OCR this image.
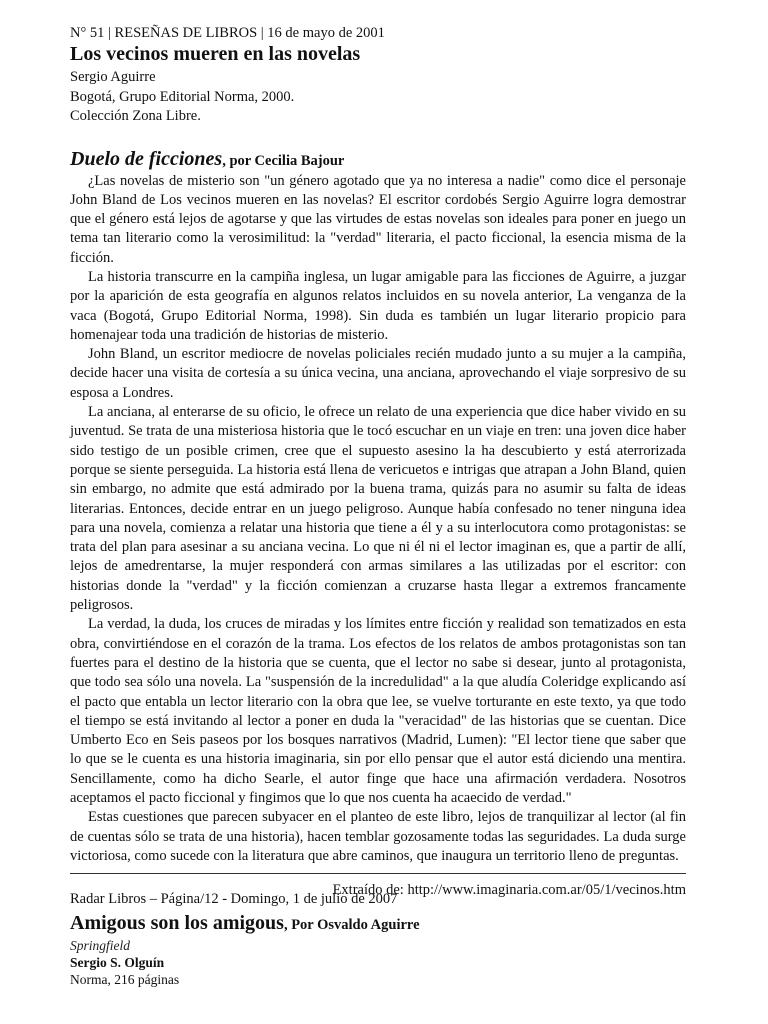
N° 51 | RESEÑAS DE LIBROS | 16 de mayo de 2001

Los vecinos mueren en las novelas

Sergio Aguirre

Bogotá, Grupo Editorial Norma, 2000.

Colección Zona Libre.

Duelo de ficciones, por Cecilia Bajour

¿Las novelas de misterio son "un género agotado que ya no interesa a nadie" como dice el personaje John Bland de Los vecinos mueren en las novelas? El escritor cordobés Sergio Aguirre logra demostrar que el género está lejos de agotarse y que las virtudes de estas novelas son ideales para poner en juego un tema tan literario como la verosimilitud: la "verdad" literaria, el pacto ficcional, la esencia misma de la ficción.

La historia transcurre en la campiña inglesa, un lugar amigable para las ficciones de Aguirre, a juzgar por la aparición de esta geografía en algunos relatos incluidos en su novela anterior, La venganza de la vaca (Bogotá, Grupo Editorial Norma, 1998). Sin duda es también un lugar literario propicio para homenajear toda una tradición de historias de misterio.

John Bland, un escritor mediocre de novelas policiales recién mudado junto a su mujer a la campiña, decide hacer una visita de cortesía a su única vecina, una anciana, aprovechando el viaje sorpresivo de su esposa a Londres.

La anciana, al enterarse de su oficio, le ofrece un relato de una experiencia que dice haber vivido en su juventud. Se trata de una misteriosa historia que le tocó escuchar en un viaje en tren: una joven dice haber sido testigo de un posible crimen, cree que el supuesto asesino la ha descubierto y está aterrorizada porque se siente perseguida. La historia está llena de vericuetos e intrigas que atrapan a John Bland, quien sin embargo, no admite que está admirado por la buena trama, quizás para no asumir su falta de ideas literarias. Entonces, decide entrar en un juego peligroso. Aunque había confesado no tener ninguna idea para una novela, comienza a relatar una historia que tiene a él y a su interlocutora como protagonistas: se trata del plan para asesinar a su anciana vecina. Lo que ni él ni el lector imaginan es, que a partir de allí, lejos de amedrentarse, la mujer responderá con armas similares a las utilizadas por el escritor: con historias donde la "verdad" y la ficción comienzan a cruzarse hasta llegar a extremos francamente peligrosos.

La verdad, la duda, los cruces de miradas y los límites entre ficción y realidad son tematizados en esta obra, convirtiéndose en el corazón de la trama. Los efectos de los relatos de ambos protagonistas son tan fuertes para el destino de la historia que se cuenta, que el lector no sabe si desear, junto al protagonista, que todo sea sólo una novela. La "suspensión de la incredulidad" a la que aludía Coleridge explicando así el pacto que entabla un lector literario con la obra que lee, se vuelve torturante en este texto, ya que todo el tiempo se está invitando al lector a poner en duda la "veracidad" de las historias que se cuentan. Dice Umberto Eco en Seis paseos por los bosques narrativos (Madrid, Lumen): "El lector tiene que saber que lo que se le cuenta es una historia imaginaria, sin por ello pensar que el autor está diciendo una mentira. Sencillamente, como ha dicho Searle, el autor finge que hace una afirmación verdadera. Nosotros aceptamos el pacto ficcional y fingimos que lo que nos cuenta ha acaecido de verdad."

Estas cuestiones que parecen subyacer en el planteo de este libro, lejos de tranquilizar al lector (al fin de cuentas sólo se trata de una historia), hacen temblar gozosamente todas las seguridades. La duda surge victoriosa, como sucede con la literatura que abre caminos, que inaugura un territorio lleno de preguntas.

Extraído de: http://www.imaginaria.com.ar/05/1/vecinos.htm

Radar Libros – Página/12 - Domingo, 1 de julio de 2007

Amigous son los amigous, Por Osvaldo Aguirre

Springfield

Sergio S. Olguín

Norma, 216 páginas
